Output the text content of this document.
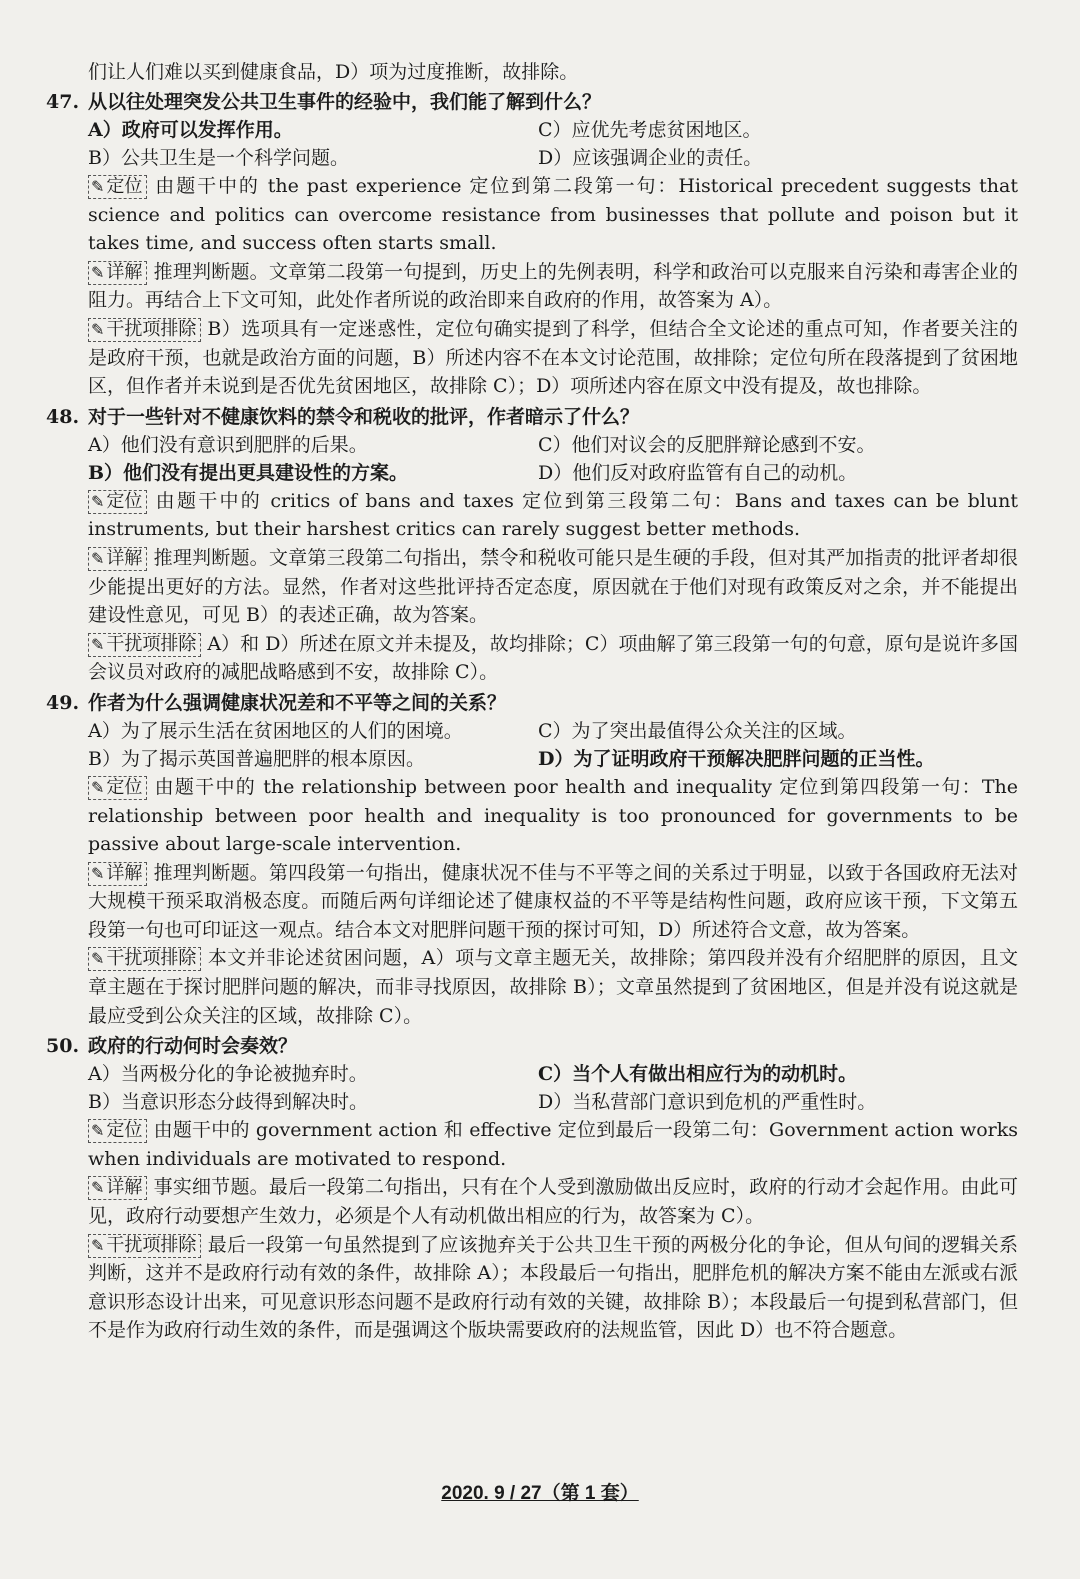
们让人们难以买到健康食品，D）项为过度推断，故排除。
47. 从以往处理突发公共卫生事件的经验中，我们能了解到什么？
A）政府可以发挥作用。	C）应优先考虑贫困地区。
B）公共卫生是一个科学问题。	D）应该强调企业的责任。
✎ 定位 由题干中的 the past experience 定位到第二段第一句：Historical precedent suggests that science and politics can overcome resistance from businesses that pollute and poison but it takes time, and success often starts small.
✎ 详解 推理判断题。文章第二段第一句提到，历史上的先例表明，科学和政治可以克服来自污染和毒害企业的阻力。再结合上下文可知，此处作者所说的政治即来自政府的作用，故答案为 A）。
✎ 干扰项排除 B）选项具有一定迷惑性，定位句确实提到了科学，但结合全文论述的重点可知，作者要关注的是政府干预，也就是政治方面的问题，B）所述内容不在本文讨论范围，故排除；定位句所在段落提到了贫困地区，但作者并未说到是否优先贫困地区，故排除 C）；D）项所述内容在原文中没有提及，故也排除。
48. 对于一些针对不健康饮料的禁令和税收的批评，作者暗示了什么？
A）他们没有意识到肥胖的后果。	C）他们对议会的反肥胖辩论感到不安。
B）他们没有提出更具建设性的方案。	D）他们反对政府监管有自己的动机。
✎ 定位 由题干中的 critics of bans and taxes 定位到第三段第二句：Bans and taxes can be blunt instruments, but their harshest critics can rarely suggest better methods.
✎ 详解 推理判断题。文章第三段第二句指出，禁令和税收可能只是生硬的手段，但对其严加指责的批评者却很少能提出更好的方法。显然，作者对这些批评持否定态度，原因就在于他们对现有政策反对之余，并不能提出建设性意见，可见 B）的表述正确，故为答案。
✎ 干扰项排除 A）和 D）所述在原文并未提及，故均排除；C）项曲解了第三段第一句的句意，原句是说许多国会议员对政府的减肥战略感到不安，故排除 C）。
49. 作者为什么强调健康状况差和不平等之间的关系？
A）为了展示生活在贫困地区的人们的困境。	C）为了突出最值得公众关注的区域。
B）为了揭示英国普遍肥胖的根本原因。	D）为了证明政府干预解决肥胖问题的正当性。
✎ 定位 由题干中的 the relationship between poor health and inequality 定位到第四段第一句：The relationship between poor health and inequality is too pronounced for governments to be passive about large-scale intervention.
✎ 详解 推理判断题。第四段第一句指出，健康状况不佳与不平等之间的关系过于明显，以致于各国政府无法对大规模干预采取消极态度。而随后两句详细论述了健康权益的不平等是结构性问题，政府应该干预，下文第五段第一句也可印证这一观点。结合本文对肥胖问题干预的探讨可知，D）所述符合文意，故为答案。
✎ 干扰项排除 本文并非论述贫困问题，A）项与文章主题无关，故排除；第四段并没有介绍肥胖的原因，且文章主题在于探讨肥胖问题的解决，而非寻找原因，故排除 B）；文章虽然提到了贫困地区，但是并没有说这就是最应受到公众关注的区域，故排除 C）。
50. 政府的行动何时会奏效？
A）当两极分化的争论被抛弃时。	C）当个人有做出相应行为的动机时。
B）当意识形态分歧得到解决时。	D）当私营部门意识到危机的严重性时。
✎ 定位 由题干中的 government action 和 effective 定位到最后一段第二句：Government action works when individuals are motivated to respond.
✎ 详解 事实细节题。最后一段第二句指出，只有在个人受到激励做出反应时，政府的行动才会起作用。由此可见，政府行动要想产生效力，必须是个人有动机做出相应的行为，故答案为 C）。
✎ 干扰项排除 最后一段第一句虽然提到了应该抛弃关于公共卫生干预的两极分化的争论，但从句间的逻辑关系判断，这并不是政府行动有效的条件，故排除 A）；本段最后一句指出，肥胖危机的解决方案不能由左派或右派意识形态设计出来，可见意识形态问题不是政府行动有效的关键，故排除 B）；本段最后一句提到私营部门，但不是作为政府行动生效的条件，而是强调这个版块需要政府的法规监管，因此 D）也不符合题意。
2020. 9 / 27（第 1 套）
